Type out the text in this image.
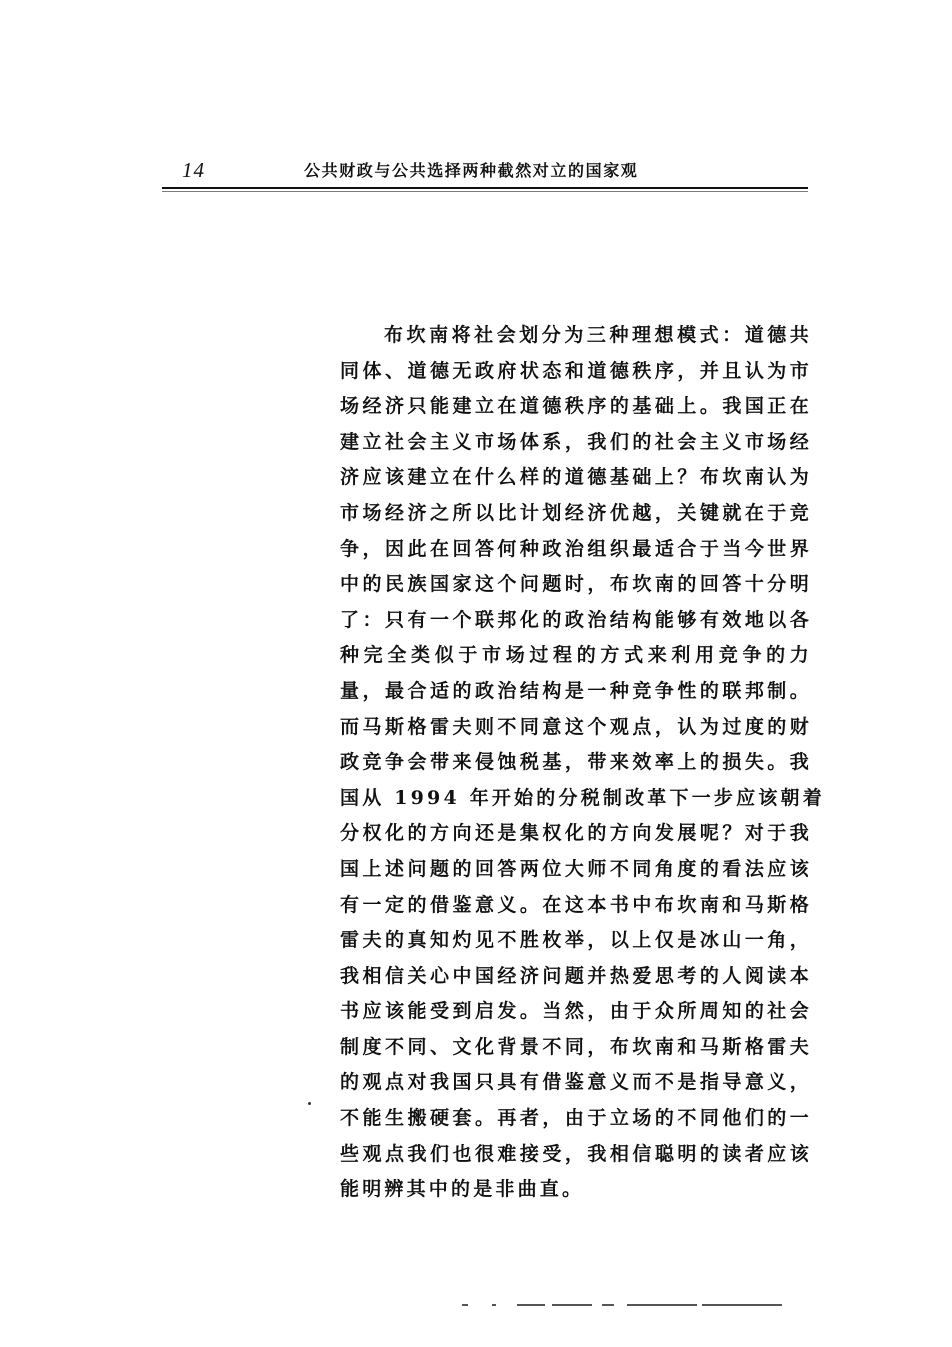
14	公共财政与公共选择两种截然对立的国家观
布坎南将社会划分为三种理想模式：道德共
同体、道德无政府状态和道德秩序，并且认为市
场经济只能建立在道德秩序的基础上。我国正在
建立社会主义市场体系，我们的社会主义市场经
济应该建立在什么样的道德基础上？布坎南认为
市场经济之所以比计划经济优越，关键就在于竞
争，因此在回答何种政治组织最适合于当今世界
中的民族国家这个问题时，布坎南的回答十分明
了：只有一个联邦化的政治结构能够有效地以各
种完全类似于市场过程的方式来利用竞争的力
量，最合适的政治结构是一种竞争性的联邦制。
而马斯格雷夫则不同意这个观点，认为过度的财
政竞争会带来侵蚀税基，带来效率上的损失。我
国从 1994 年开始的分税制改革下一步应该朝着
分权化的方向还是集权化的方向发展呢？对于我
国上述问题的回答两位大师不同角度的看法应该
有一定的借鉴意义。在这本书中布坎南和马斯格
雷夫的真知灼见不胜枚举，以上仅是冰山一角，
我相信关心中国经济问题并热爱思考的人阅读本
书应该能受到启发。当然，由于众所周知的社会
制度不同、文化背景不同，布坎南和马斯格雷夫
的观点对我国只具有借鉴意义而不是指导意义，
不能生搬硬套。再者，由于立场的不同他们的一
些观点我们也很难接受，我相信聪明的读者应该
能明辨其中的是非曲直。
